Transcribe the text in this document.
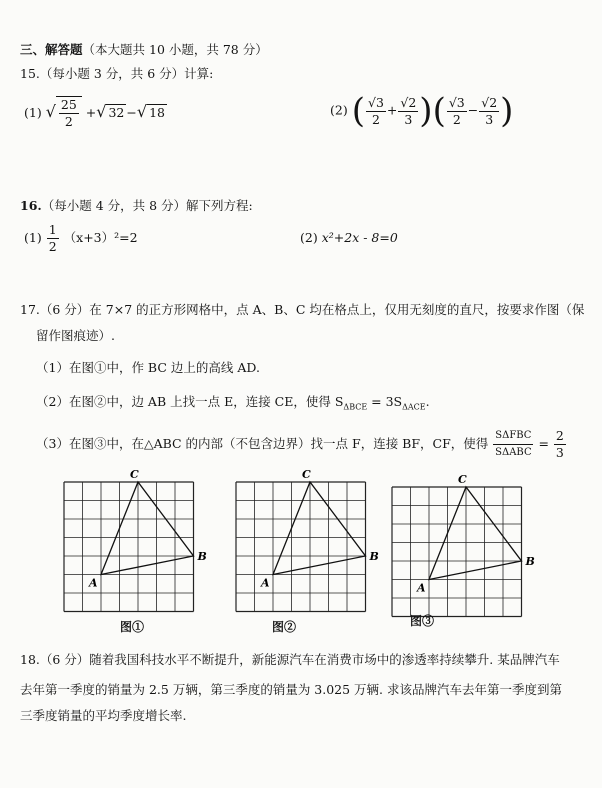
三、解答题（本大题共 10 小题，共 78 分）
15.（每小题 3 分，共 6 分）计算:
(1) √ $\frac{25}{2}$ +√ 32 −√ 18	(2) ( $\frac{√3}{2} + \frac{√2}{3}$ )( $\frac{√3}{2} - \frac{√2}{3}$ )
16.（每小题 4 分，共 8 分）解下列方程:
$(1) \frac{1}{2} (x+3)^2=2$	(2) x²+2x - 8=0
17.（6 分）在 7×7 的正方形网格中，点 A、B、C 均在格点上，仅用无刻度的直尺，按要求作图（保
留作图痕迹）.
（1）在图①中，作 BC 边上的高线 AD.
（2）在图②中，边 AB 上找一点 E，连接 CE，使得 $S_{\Delta BCE} = 3S_{\Delta ACE}$.
（3）在图③中，在△ABC 的内部（不包含边界）找一点 F，连接 BF，CF，使得 $\frac{\text{SΔFBC}}{\text{SΔABC}} = \frac{2}{3}$
A
B
C
A
B
C
A
B
C
图①	图②	图③
18.（6 分）随着我国科技水平不断提升，新能源汽车在消费市场中的渗透率持续攀升. 某品牌汽车
去年第一季度的销量为 2.5 万辆，第三季度的销量为 3.025 万辆. 求该品牌汽车去年第一季度到第
三季度销量的平均季度增长率.
